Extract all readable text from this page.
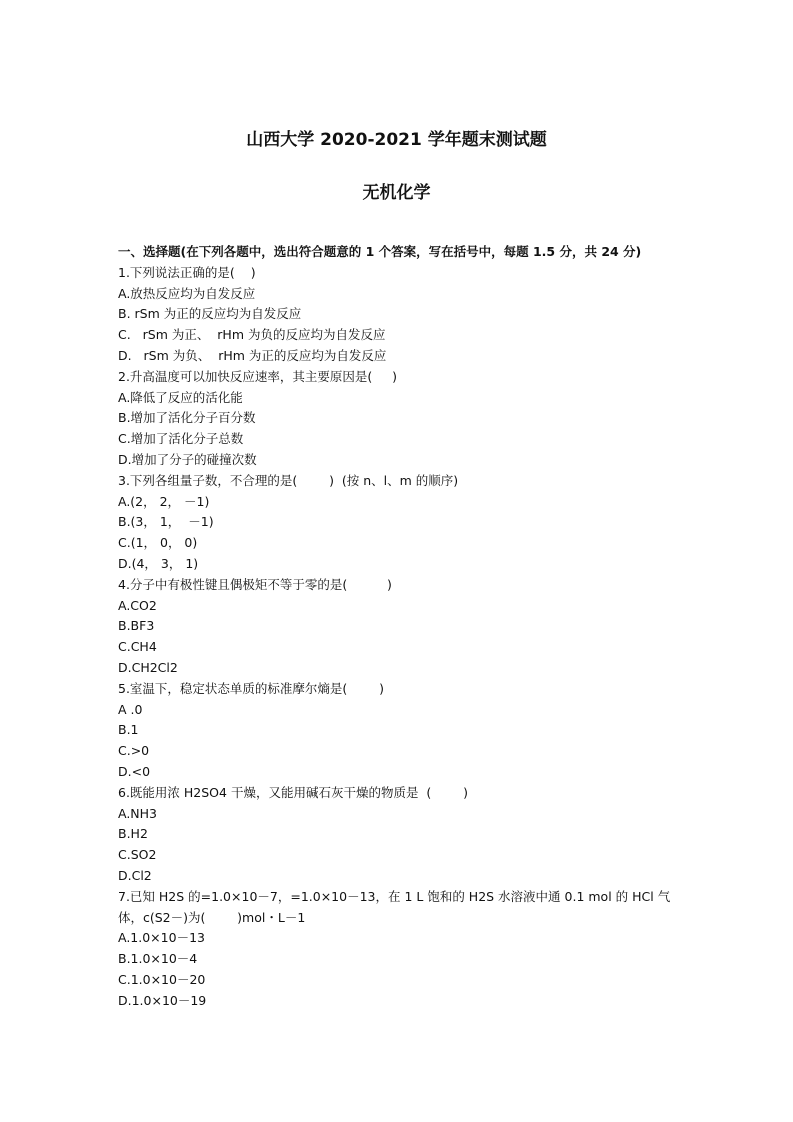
山西大学 2020-2021 学年题末测试题
无机化学
一、选择题(在下列各题中，选出符合题意的 1 个答案，写在括号中，每题 1.5 分，共 24 分)
1.下列说法正确的是(    )
A.放热反应均为自发反应
B. rSm 为正的反应均为自发反应
C.   rSm 为正、  rHm 为负的反应均为自发反应
D.   rSm 为负、  rHm 为正的反应均为自发反应
2.升高温度可以加快反应速率，其主要原因是(     )
A.降低了反应的活化能
B.增加了活化分子百分数
C.增加了活化分子总数
D.增加了分子的碰撞次数
3.下列各组量子数，不合理的是(        )  (按 n、l、m 的顺序)
A.(2， 2， －1)
B.(3， 1，  －1)
C.(1， 0， 0)
D.(4， 3， 1)
4.分子中有极性键且偶极矩不等于零的是(          )
A.CO2
B.BF3
C.CH4
D.CH2Cl2
5.室温下，稳定状态单质的标准摩尔熵是(        )
A .0
B.1
C.>0
D.<0
6.既能用浓 H2SO4 干燥，又能用碱石灰干燥的物质是  (        )
A.NH3
B.H2
C.SO2
D.Cl2
7.已知 H2S 的=1.0×10－7，=1.0×10－13，在 1 L 饱和的 H2S 水溶液中通 0.1 mol 的 HCl 气
体，c(S2－)为(        )mol・L－1
A.1.0×10－13
B.1.0×10－4
C.1.0×10－20
D.1.0×10－19
